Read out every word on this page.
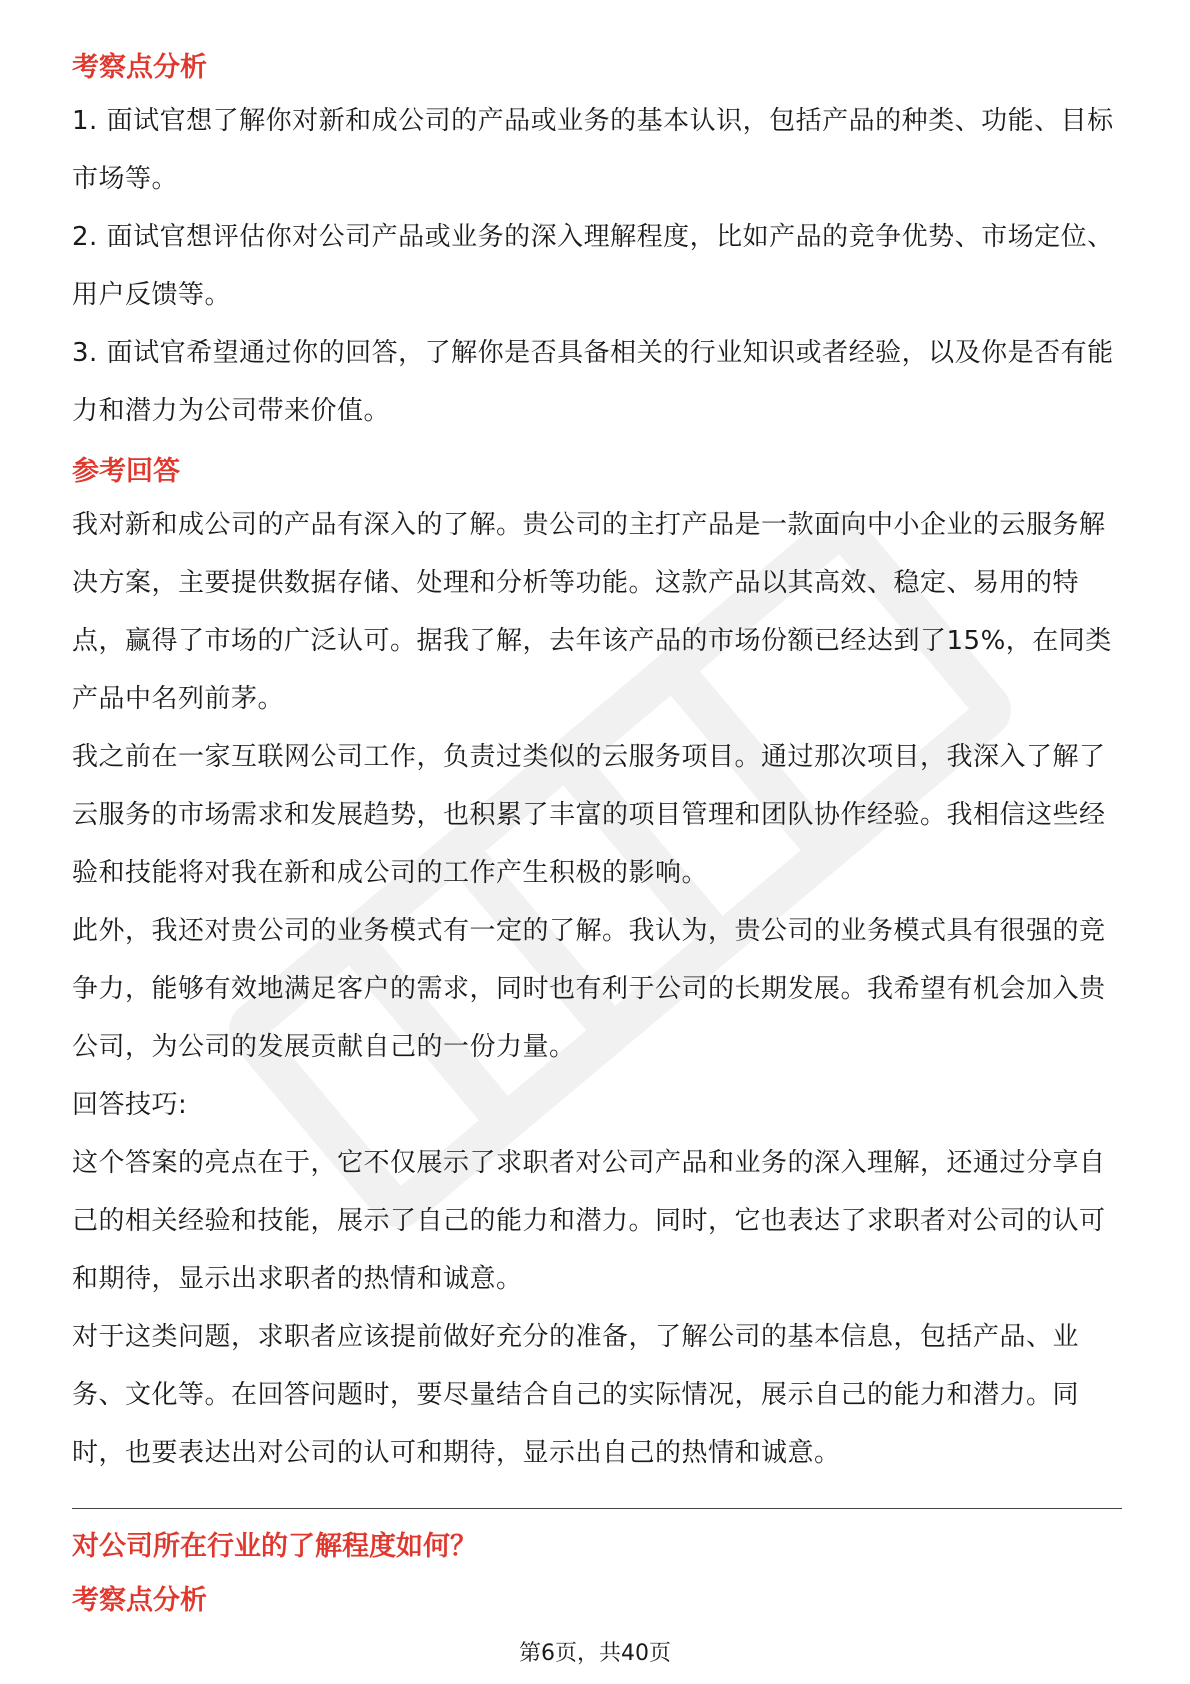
考察点分析

1. 面试官想了解你对新和成公司的产品或业务的基本认识，包括产品的种类、功能、目标市场等。

2. 面试官想评估你对公司产品或业务的深入理解程度，比如产品的竞争优势、市场定位、用户反馈等。

3. 面试官希望通过你的回答，了解你是否具备相关的行业知识或者经验，以及你是否有能力和潜力为公司带来价值。

参考回答

我对新和成公司的产品有深入的了解。贵公司的主打产品是一款面向中小企业的云服务解决方案，主要提供数据存储、处理和分析等功能。这款产品以其高效、稳定、易用的特点，赢得了市场的广泛认可。据我了解，去年该产品的市场份额已经达到了15%，在同类产品中名列前茅。

我之前在一家互联网公司工作，负责过类似的云服务项目。通过那次项目，我深入了解了云服务的市场需求和发展趋势，也积累了丰富的项目管理和团队协作经验。我相信这些经验和技能将对我在新和成公司的工作产生积极的影响。

此外，我还对贵公司的业务模式有一定的了解。我认为，贵公司的业务模式具有很强的竞争力，能够有效地满足客户的需求，同时也有利于公司的长期发展。我希望有机会加入贵公司，为公司的发展贡献自己的一份力量。

回答技巧:

这个答案的亮点在于，它不仅展示了求职者对公司产品和业务的深入理解，还通过分享自己的相关经验和技能，展示了自己的能力和潜力。同时，它也表达了求职者对公司的认可和期待，显示出求职者的热情和诚意。

对于这类问题，求职者应该提前做好充分的准备，了解公司的基本信息，包括产品、业务、文化等。在回答问题时，要尽量结合自己的实际情况，展示自己的能力和潜力。同时，也要表达出对公司的认可和期待，显示出自己的热情和诚意。

对公司所在行业的了解程度如何？

考察点分析

第6页，共40页
